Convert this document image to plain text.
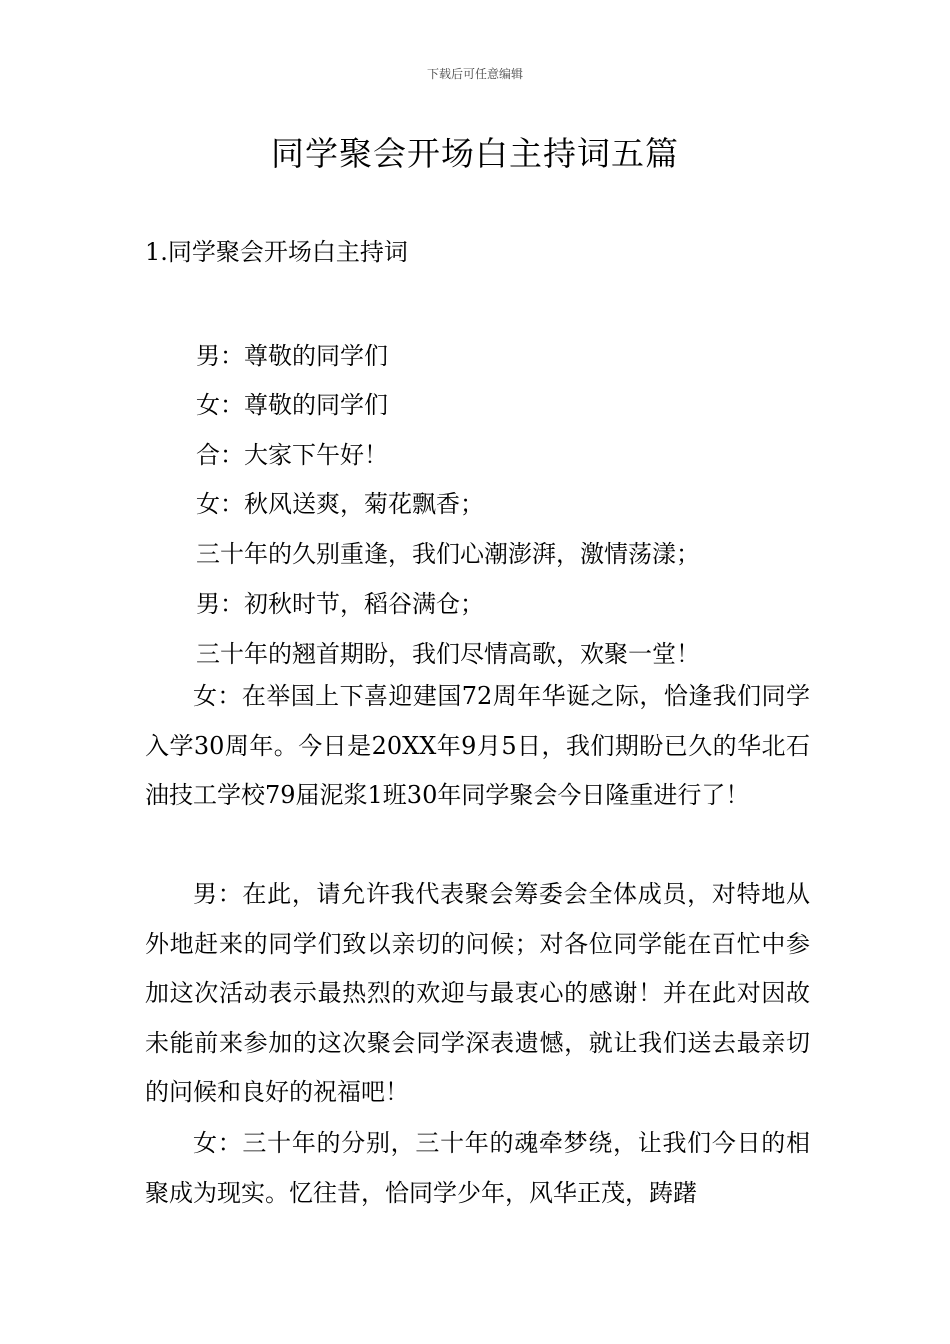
下载后可任意编辑
同学聚会开场白主持词五篇

1.同学聚会开场白主持词

男：尊敬的同学们

女：尊敬的同学们

合：大家下午好！

女：秋风送爽，菊花飘香；

三十年的久别重逢，我们心潮澎湃，激情荡漾；

男：初秋时节，稻谷满仓；

三十年的翘首期盼，我们尽情高歌，欢聚一堂！

女：在举国上下喜迎建国72周年华诞之际，恰逢我们同学入学30周年。今日是20XX年9月5日，我们期盼已久的华北石油技工学校79届泥浆1班30年同学聚会今日隆重进行了！

男：在此，请允许我代表聚会筹委会全体成员，对特地从外地赶来的同学们致以亲切的问候；对各位同学能在百忙中参加这次活动表示最热烈的欢迎与最衷心的感谢！并在此对因故未能前来参加的这次聚会同学深表遗憾，就让我们送去最亲切的问候和良好的祝福吧！

女：三十年的分别，三十年的魂牵梦绕，让我们今日的相聚成为现实。忆往昔，恰同学少年，风华正茂，踌躇
